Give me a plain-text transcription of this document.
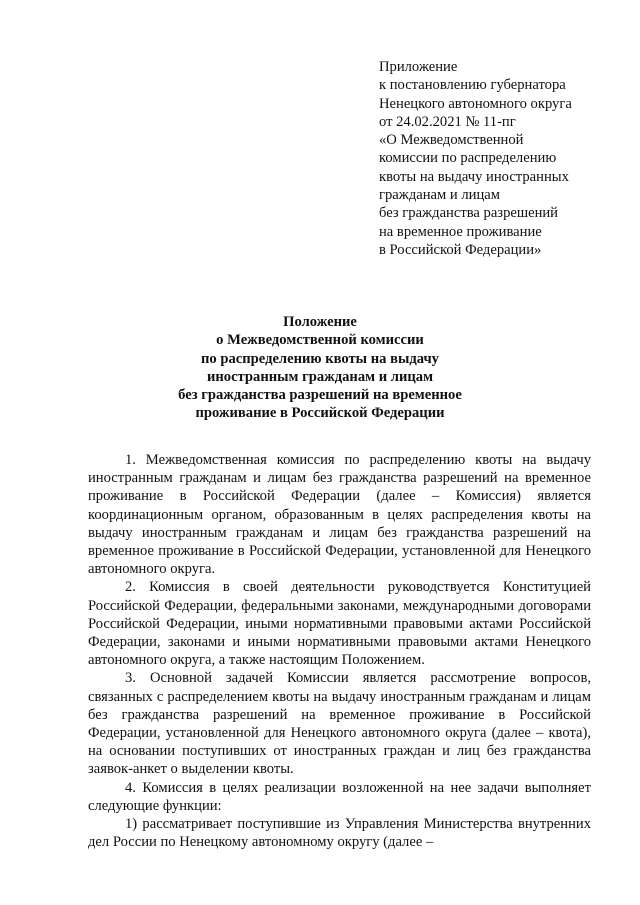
Приложение
к постановлению губернатора
Ненецкого автономного округа
от 24.02.2021 № 11-пг
«О Межведомственной
комиссии по распределению
квоты на выдачу иностранных
гражданам и лицам
без гражданства разрешений
на временное проживание
в Российской Федерации»
Положение
о Межведомственной комиссии
по распределению квоты на выдачу
иностранным гражданам и лицам
без гражданства разрешений на временное
проживание в Российской Федерации

1. Межведомственная комиссия по распределению квоты на выдачу иностранным гражданам и лицам без гражданства разрешений на временное проживание в Российской Федерации (далее – Комиссия) является координационным органом, образованным в целях распределения квоты на выдачу иностранным гражданам и лицам без гражданства разрешений на временное проживание в Российской Федерации, установленной для Ненецкого автономного округа.

2. Комиссия в своей деятельности руководствуется Конституцией Российской Федерации, федеральными законами, международными договорами Российской Федерации, иными нормативными правовыми актами Российской Федерации, законами и иными нормативными правовыми актами Ненецкого автономного округа, а также настоящим Положением.

3. Основной задачей Комиссии является рассмотрение вопросов, связанных с распределением квоты на выдачу иностранным гражданам и лицам без гражданства разрешений на временное проживание в Российской Федерации, установленной для Ненецкого автономного округа (далее – квота), на основании поступивших от иностранных граждан и лиц без гражданства заявок-анкет о выделении квоты.

4. Комиссия в целях реализации возложенной на нее задачи выполняет следующие функции:

1) рассматривает поступившие из Управления Министерства внутренних дел России по Ненецкому автономному округу (далее –
